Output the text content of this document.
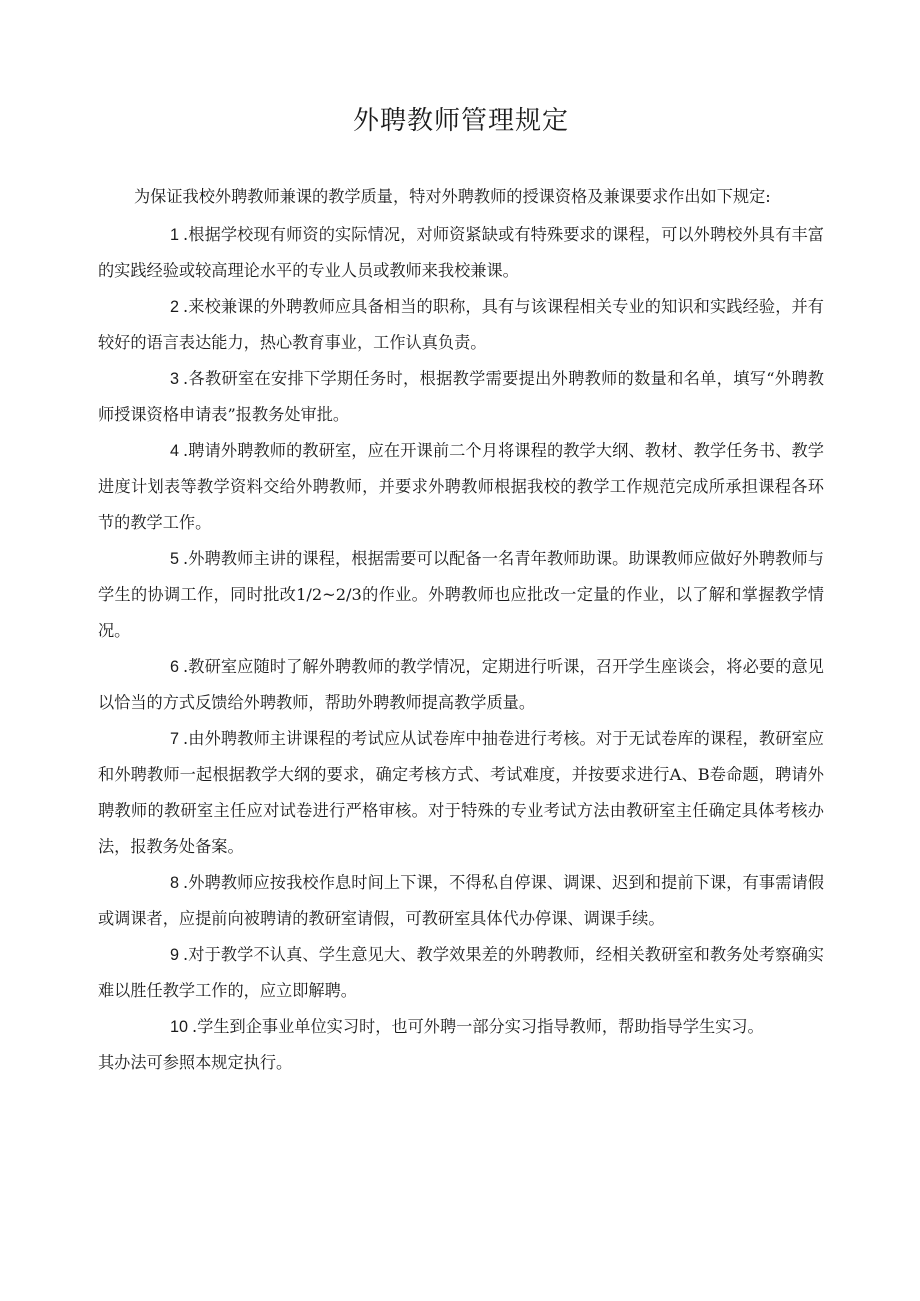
外聘教师管理规定

为保证我校外聘教师兼课的教学质量，特对外聘教师的授课资格及兼课要求作出如下规定:

1 .根据学校现有师资的实际情况，对师资紧缺或有特殊要求的课程，可以外聘校外具有丰富的实践经验或较高理论水平的专业人员或教师来我校兼课。

2 .来校兼课的外聘教师应具备相当的职称，具有与该课程相关专业的知识和实践经验，并有较好的语言表达能力，热心教育事业，工作认真负责。

3 .各教研室在安排下学期任务时，根据教学需要提出外聘教师的数量和名单，填写“外聘教师授课资格申请表”报教务处审批。

4 .聘请外聘教师的教研室，应在开课前二个月将课程的教学大纲、教材、教学任务书、教学进度计划表等教学资料交给外聘教师，并要求外聘教师根据我校的教学工作规范完成所承担课程各环节的教学工作。

5 .外聘教师主讲的课程，根据需要可以配备一名青年教师助课。助课教师应做好外聘教师与学生的协调工作，同时批改1/2~2/3的作业。外聘教师也应批改一定量的作业，以了解和掌握教学情况。

6 .教研室应随时了解外聘教师的教学情况，定期进行听课，召开学生座谈会，将必要的意见以恰当的方式反馈给外聘教师，帮助外聘教师提高教学质量。

7 .由外聘教师主讲课程的考试应从试卷库中抽卷进行考核。对于无试卷库的课程，教研室应和外聘教师一起根据教学大纲的要求，确定考核方式、考试难度，并按要求进行A、B卷命题，聘请外聘教师的教研室主任应对试卷进行严格审核。对于特殊的专业考试方法由教研室主任确定具体考核办法，报教务处备案。

8 .外聘教师应按我校作息时间上下课，不得私自停课、调课、迟到和提前下课，有事需请假或调课者，应提前向被聘请的教研室请假，可教研室具体代办停课、调课手续。

9 .对于教学不认真、学生意见大、教学效果差的外聘教师，经相关教研室和教务处考察确实难以胜任教学工作的，应立即解聘。

10 .学生到企事业单位实习时，也可外聘一部分实习指导教师，帮助指导学生实习。

其办法可参照本规定执行。
